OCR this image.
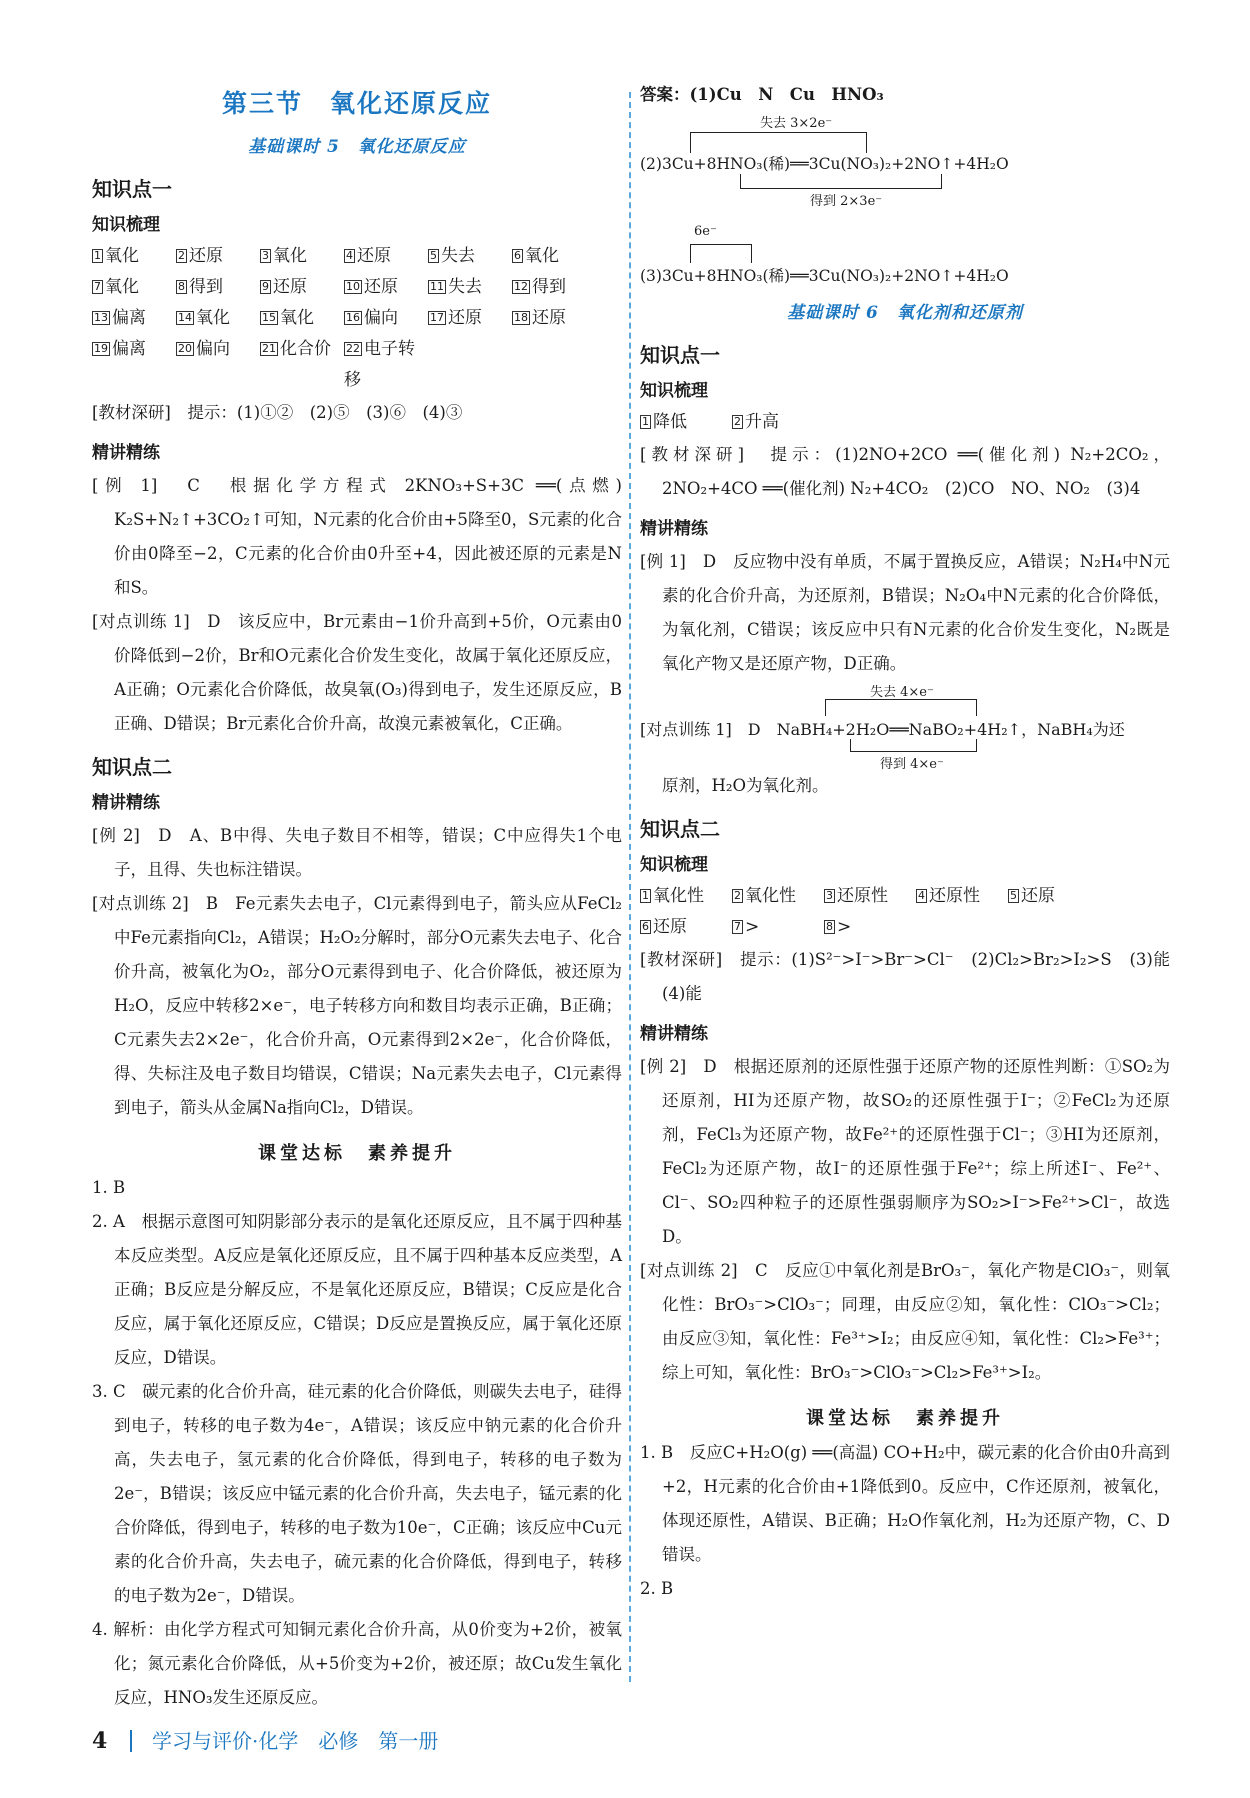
第三节　氧化还原反应
基础课时 5　氧化还原反应
知识点一
知识梳理
1 氧化	2 还原	3 氧化	4 还原	5 失去	6 氧化
7 氧化	8 得到	9 还原	10 还原	11 失去	12 得到
13 偏离	14 氧化	15 氧化	16 偏向	17 还原	18 还原
19 偏离	20 偏向	21 化合价	22 电子转移
[教材深研]　提示：(1)①②　(2)⑤　(3)⑥　(4)③
精讲精练
[例 1]　C　根据化学方程式 2KNO₃+S+3C ══(点燃) K₂S+N₂↑+3CO₂↑可知，N元素的化合价由+5降至0，S元素的化合价由0降至−2，C元素的化合价由0升至+4，因此被还原的元素是N和S。
[对点训练 1]　D　该反应中，Br元素由−1价升高到+5价，O元素由0价降低到−2价，Br和O元素化合价发生变化，故属于氧化还原反应，A正确；O元素化合价降低，故臭氧(O₃)得到电子，发生还原反应，B正确、D错误；Br元素化合价升高，故溴元素被氧化，C正确。
知识点二
精讲精练
[例 2]　D　A、B中得、失电子数目不相等，错误；C中应得失1个电子，且得、失也标注错误。
[对点训练 2]　B　Fe元素失去电子，Cl元素得到电子，箭头应从FeCl₂中Fe元素指向Cl₂，A错误；H₂O₂分解时，部分O元素失去电子、化合价升高，被氧化为O₂，部分O元素得到电子、化合价降低，被还原为H₂O，反应中转移2×e⁻，电子转移方向和数目均表示正确，B正确；C元素失去2×2e⁻，化合价升高，O元素得到2×2e⁻，化合价降低，得、失标注及电子数目均错误，C错误；Na元素失去电子，Cl元素得到电子，箭头从金属Na指向Cl₂，D错误。
课堂达标　素养提升
1. B
2. A　根据示意图可知阴影部分表示的是氧化还原反应，且不属于四种基本反应类型。A反应是氧化还原反应，且不属于四种基本反应类型，A正确；B反应是分解反应，不是氧化还原反应，B错误；C反应是化合反应，属于氧化还原反应，C错误；D反应是置换反应，属于氧化还原反应，D错误。
3. C　碳元素的化合价升高，硅元素的化合价降低，则碳失去电子，硅得到电子，转移的电子数为4e⁻，A错误；该反应中钠元素的化合价升高，失去电子，氢元素的化合价降低，得到电子，转移的电子数为2e⁻，B错误；该反应中锰元素的化合价升高，失去电子，锰元素的化合价降低，得到电子，转移的电子数为10e⁻，C正确；该反应中Cu元素的化合价升高，失去电子，硫元素的化合价降低，得到电子，转移的电子数为2e⁻，D错误。
4. 解析：由化学方程式可知铜元素化合价升高，从0价变为+2价，被氧化；氮元素化合价降低，从+5价变为+2价，被还原；故Cu发生氧化反应，HNO₃发生还原反应。
答案：(1)Cu　N　Cu　HNO₃
失去 3×2e⁻
(2)3Cu+8HNO₃(稀)══3Cu(NO₃)₂+2NO↑+4H₂O
得到 2×3e⁻
6e⁻
(3)3Cu+8HNO₃(稀)══3Cu(NO₃)₂+2NO↑+4H₂O
基础课时 6　氧化剂和还原剂
知识点一
知识梳理
1 降低	2 升高
[教材深研]　提示：(1)2NO+2CO ══(催化剂) N₂+2CO₂，2NO₂+4CO ══(催化剂) N₂+4CO₂　(2)CO　NO、NO₂　(3)4
精讲精练
[例 1]　D　反应物中没有单质，不属于置换反应，A错误；N₂H₄中N元素的化合价升高，为还原剂，B错误；N₂O₄中N元素的化合价降低，为氧化剂，C错误；该反应中只有N元素的化合价发生变化，N₂既是氧化产物又是还原产物，D正确。
失去 4×e⁻
[对点训练 1]　D　NaBH₄+2H₂O══NaBO₂+4H₂↑，NaBH₄为还
得到 4×e⁻
原剂，H₂O为氧化剂。
知识点二
知识梳理
1 氧化性	2 氧化性	3 还原性	4 还原性	5 还原
6 还原	7 >	8 >
[教材深研]　提示：(1)S²⁻>I⁻>Br⁻>Cl⁻　(2)Cl₂>Br₂>I₂>S　(3)能　(4)能
精讲精练
[例 2]　D　根据还原剂的还原性强于还原产物的还原性判断：①SO₂为还原剂，HI为还原产物，故SO₂的还原性强于I⁻；②FeCl₂为还原剂，FeCl₃为还原产物，故Fe²⁺的还原性强于Cl⁻；③HI为还原剂，FeCl₂为还原产物，故I⁻的还原性强于Fe²⁺；综上所述I⁻、Fe²⁺、Cl⁻、SO₂四种粒子的还原性强弱顺序为SO₂>I⁻>Fe²⁺>Cl⁻，故选D。
[对点训练 2]　C　反应①中氧化剂是BrO₃⁻，氧化产物是ClO₃⁻，则氧化性：BrO₃⁻>ClO₃⁻；同理，由反应②知，氧化性：ClO₃⁻>Cl₂；由反应③知，氧化性：Fe³⁺>I₂；由反应④知，氧化性：Cl₂>Fe³⁺；综上可知，氧化性：BrO₃⁻>ClO₃⁻>Cl₂>Fe³⁺>I₂。
课堂达标　素养提升
1. B　反应C+H₂O(g) ══(高温) CO+H₂中，碳元素的化合价由0升高到+2，H元素的化合价由+1降低到0。反应中，C作还原剂，被氧化，体现还原性，A错误、B正确；H₂O作氧化剂，H₂为还原产物，C、D错误。
2. B
4 学习与评价·化学　必修　第一册
